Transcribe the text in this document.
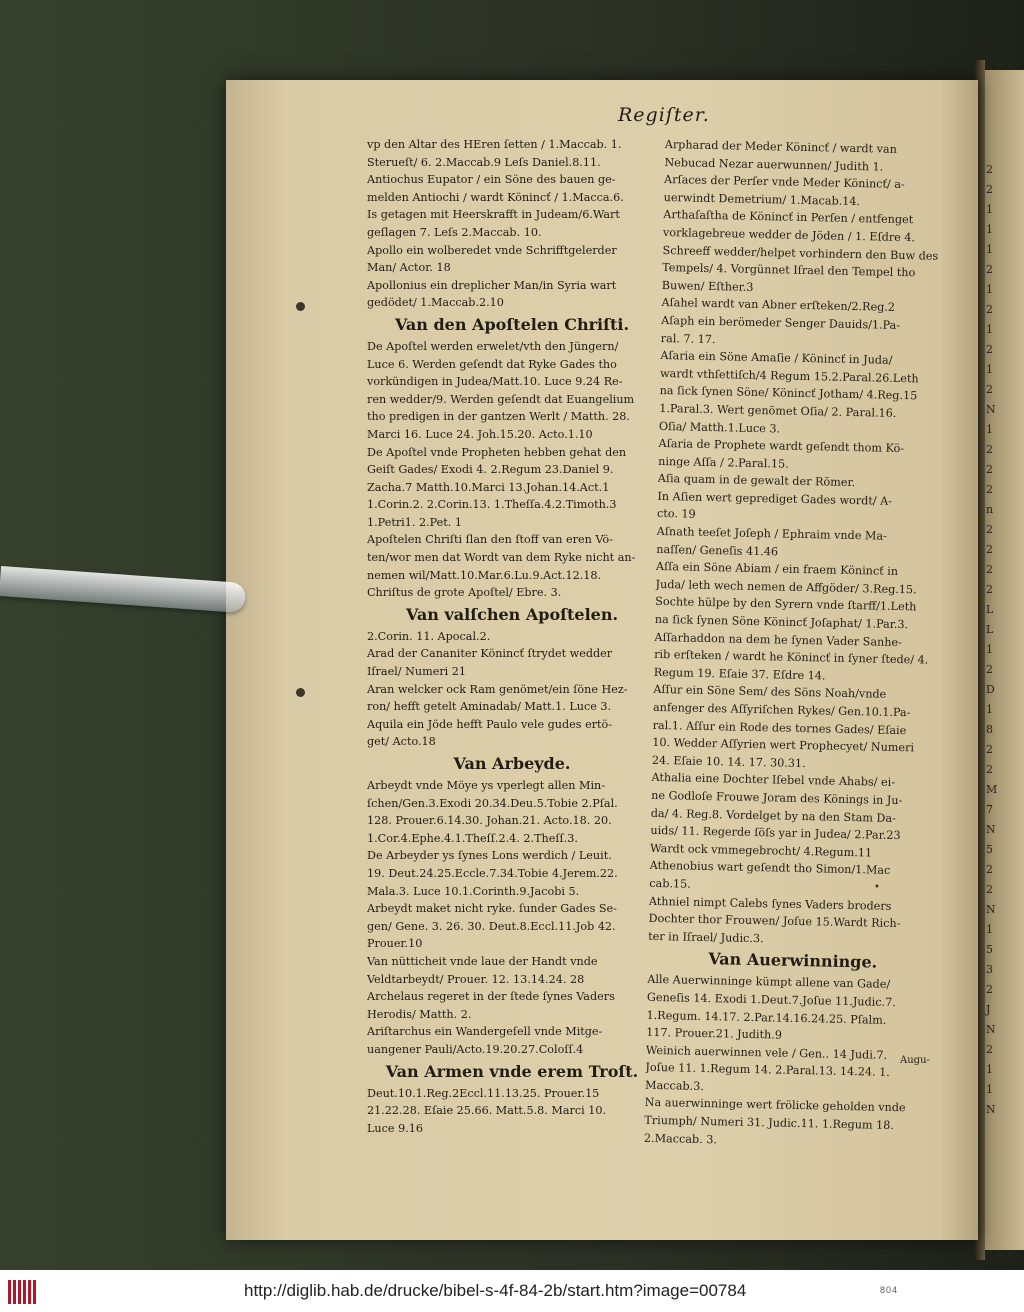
2
2
1
1
1
2
1
2
1
2
1
2
N
1
2
2
2
n
2
2
2
2
L
L
1
2
D
1
8
2
2
M
7
N
5
2
2
N
1
5
3
2
J
N
2
1
1
N
Regiſter.
vp den Altar des HEren ſetten / 1.Maccab. 1.
Sterueſt/ 6. 2.Maccab.9 Leſs Daniel.8.11.
Antiochus Eupator / ein Söne des bauen ge-
melden Antiochi / wardt Könincť / 1.Macca.6.
Is getagen mit Heerskrafft in Judeam/6.Wart
geſlagen 7. Leſs 2.Maccab. 10.
Apollo ein wolberedet vnde Schrifftgelerder
Man/ Actor. 18
Apollonius ein dreplicher Man/in Syria wart
gedödet/ 1.Maccab.2.10
Van den Apoſtelen Chriſti.
De Apoſtel werden erwelet/vth den Jüngern/
Luce 6. Werden geſendt dat Ryke Gades tho
vorkündigen in Judea/Matt.10. Luce 9.24 Re-
ren wedder/9. Werden geſendt dat Euangelium
tho predigen in der gantzen Werlt / Matth. 28.
Marci 16. Luce 24. Joh.15.20. Acto.1.10
De Apoſtel vnde Propheten hebben gehat den
Geiſt Gades/ Exodi 4. 2.Regum 23.Daniel 9.
Zacha.7 Matth.10.Marci 13.Johan.14.Act.1
1.Corin.2. 2.Corin.13. 1.Theſſa.4.2.Timoth.3
1.Petri1. 2.Pet. 1
Apoſtelen Chriſti ſlan den ſtoff van eren Vö-
ten/wor men dat Wordt van dem Ryke nicht an-
nemen wil/Matt.10.Mar.6.Lu.9.Act.12.18.
Chriſtus de grote Apoſtel/ Ebre. 3.
Van valſchen Apoſtelen.
2.Corin. 11. Apocal.2.
Arad der Cananiter Könincť ſtrydet wedder
Iſrael/ Numeri 21
Aran welcker ock Ram genömet/ein ſöne Hez-
ron/ hefft getelt Aminadab/ Matt.1. Luce 3.
Aquila ein Jöde hefft Paulo vele gudes ertö-
get/ Acto.18
Van Arbeyde.
Arbeydt vnde Möye ys vperlegt allen Min-
ſchen/Gen.3.Exodi 20.34.Deu.5.Tobie 2.Pſal.
128. Prouer.6.14.30. Johan.21. Acto.18. 20.
1.Cor.4.Ephe.4.1.Theſſ.2.4. 2.Theſſ.3.
De Arbeyder ys ſynes Lons werdich / Leuit.
19. Deut.24.25.Eccle.7.34.Tobie 4.Jerem.22.
Mala.3. Luce 10.1.Corinth.9.Jacobi 5.
Arbeydt maket nicht ryke. ſunder Gades Se-
gen/ Gene. 3. 26. 30. Deut.8.Eccl.11.Job 42.
Prouer.10
Van nütticheit vnde laue der Handt vnde
Veldtarbeydt/ Prouer. 12. 13.14.24. 28
Archelaus regeret in der ſtede ſynes Vaders
Herodis/ Matth. 2.
Ariſtarchus ein Wandergeſell vnde Mitge-
uangener Pauli/Acto.19.20.27.Coloſſ.4
Van Armen vnde erem Troſt.
Deut.10.1.Reg.2Eccl.11.13.25. Prouer.15
21.22.28. Eſaie 25.66. Matt.5.8. Marci 10.
Luce 9.16
Arpharad der Meder Könincť / wardt van
Nebucad Nezar auerwunnen/ Judith 1.
Arſaces der Perſer vnde Meder Könincť/ a-
uerwindt Demetrium/ 1.Macab.14.
Arthaſaſtha de Könincť in Perſen / entfenget
vorklagebreue wedder de Jöden / 1. Eſdre 4.
Schreeff wedder/helpet vorhindern den Buw des
Tempels/ 4. Vorgünnet Iſrael den Tempel tho
Buwen/ Eſther.3
Aſahel wardt van Abner erſteken/2.Reg.2
Aſaph ein berömeder Senger Dauids/1.Pa-
ral. 7. 17.
Aſaria ein Söne Amaſie / Könincť in Juda/
wardt vthſettiſch/4 Regum 15.2.Paral.26.Leth
na ſick ſynen Söne/ Könincť Jotham/ 4.Reg.15
1.Paral.3. Wert genömet Oſia/ 2. Paral.16.
Oſia/ Matth.1.Luce 3.
Aſaria de Prophete wardt geſendt thom Kö-
ninge Aſſa / 2.Paral.15.
Aſia quam in de gewalt der Römer.
In Aſien wert geprediget Gades wordt/ A-
cto. 19
Aſnath teeſet Joſeph / Ephraim vnde Ma-
naſſen/ Geneſis 41.46
Aſſa ein Söne Abiam / ein fraem Könincť in
Juda/ leth wech nemen de Affgöder/ 3.Reg.15.
Sochte hülpe by den Syrern vnde ſtarff/1.Leth
na ſick ſynen Söne Könincť Joſaphat/ 1.Par.3.
Aſſarhaddon na dem he ſynen Vader Sanhe-
rib erſteken / wardt he Könincť in ſyner ſtede/ 4.
Regum 19. Eſaie 37. Eſdre 14.
Aſſur ein Söne Sem/ des Söns Noah/vnde
anfenger des Aſſyriſchen Rykes/ Gen.10.1.Pa-
ral.1. Aſſur ein Rode des tornes Gades/ Eſaie
10. Wedder Aſſyrien wert Prophecyet/ Numeri
24. Eſaie 10. 14. 17. 30.31.
Athalia eine Dochter Iſebel vnde Ahabs/ ei-
ne Godloſe Frouwe Joram des Könings in Ju-
da/ 4. Reg.8. Vordelget by na den Stam Da-
uids/ 11. Regerde ſöſs yar in Judea/ 2.Par.23
Wardt ock vmmegebrocht/ 4.Regum.11
Athenobius wart geſendt tho Simon/1.Mac
cab.15.
Athniel nimpt Calebs ſynes Vaders broders
Dochter thor Frouwen/ Joſue 15.Wardt Rich-
ter in Iſrael/ Judic.3.
Van Auerwinninge.
Alle Auerwinninge kümpt allene van Gade/
Geneſis 14. Exodi 1.Deut.7.Joſue 11.Judic.7.
1.Regum. 14.17. 2.Par.14.16.24.25. Pſalm.
117. Prouer.21. Judith.9
Weinich auerwinnen vele / Gen.. 14 Judi.7.
Joſue 11. 1.Regum 14. 2.Paral.13. 14.24. 1.
Maccab.3.
Na auerwinninge wert frölicke geholden vnde
Triumph/ Numeri 31. Judic.11. 1.Regum 18.
2.Maccab. 3.
•
Augu-
http://diglib.hab.de/drucke/bibel-s-4f-84-2b/start.htm?image=00784	804
